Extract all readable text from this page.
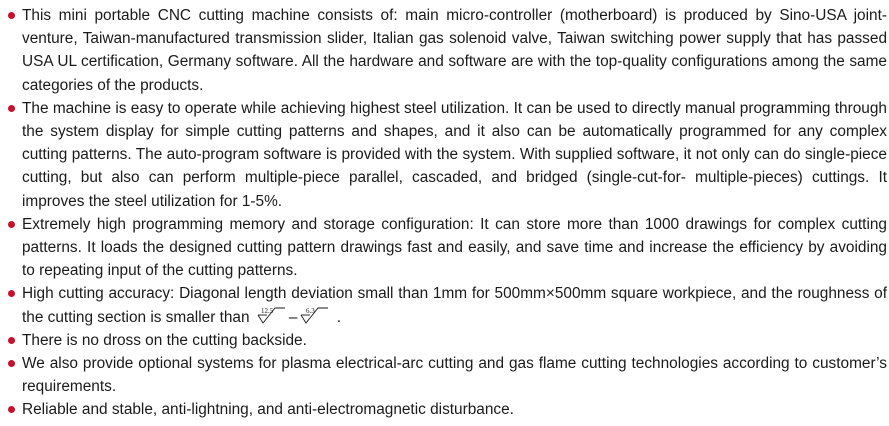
This mini portable CNC cutting machine consists of: main micro-controller (motherboard) is produced by Sino-USA joint-venture, Taiwan-manufactured transmission slider, Italian gas solenoid valve, Taiwan switching power supply that has passed USA UL certification, Germany software. All the hardware and software are with the top-quality configurations among the same categories of the products.
The machine is easy to operate while achieving highest steel utilization. It can be used to directly manual programming through the system display for simple cutting patterns and shapes, and it also can be automatically programmed for any complex cutting patterns. The auto-program software is provided with the system. With supplied software, it not only can do single-piece cutting, but also can perform multiple-piece parallel, cascaded, and bridged (single-cut-for- multiple-pieces) cuttings. It improves the steel utilization for 1-5%.
Extremely high programming memory and storage configuration: It can store more than 1000 drawings for complex cutting patterns. It loads the designed cutting pattern drawings fast and easily, and save time and increase the efficiency by avoiding to repeating input of the cutting patterns.
High cutting accuracy: Diagonal length deviation small than 1mm for 500mm×500mm square workpiece, and the roughness of the cutting section is smaller than 12.5 – 6.3 .
There is no dross on the cutting backside.
We also provide optional systems for plasma electrical-arc cutting and gas flame cutting technologies according to customer’s requirements.
Reliable and stable, anti-lightning, and anti-electromagnetic disturbance.
